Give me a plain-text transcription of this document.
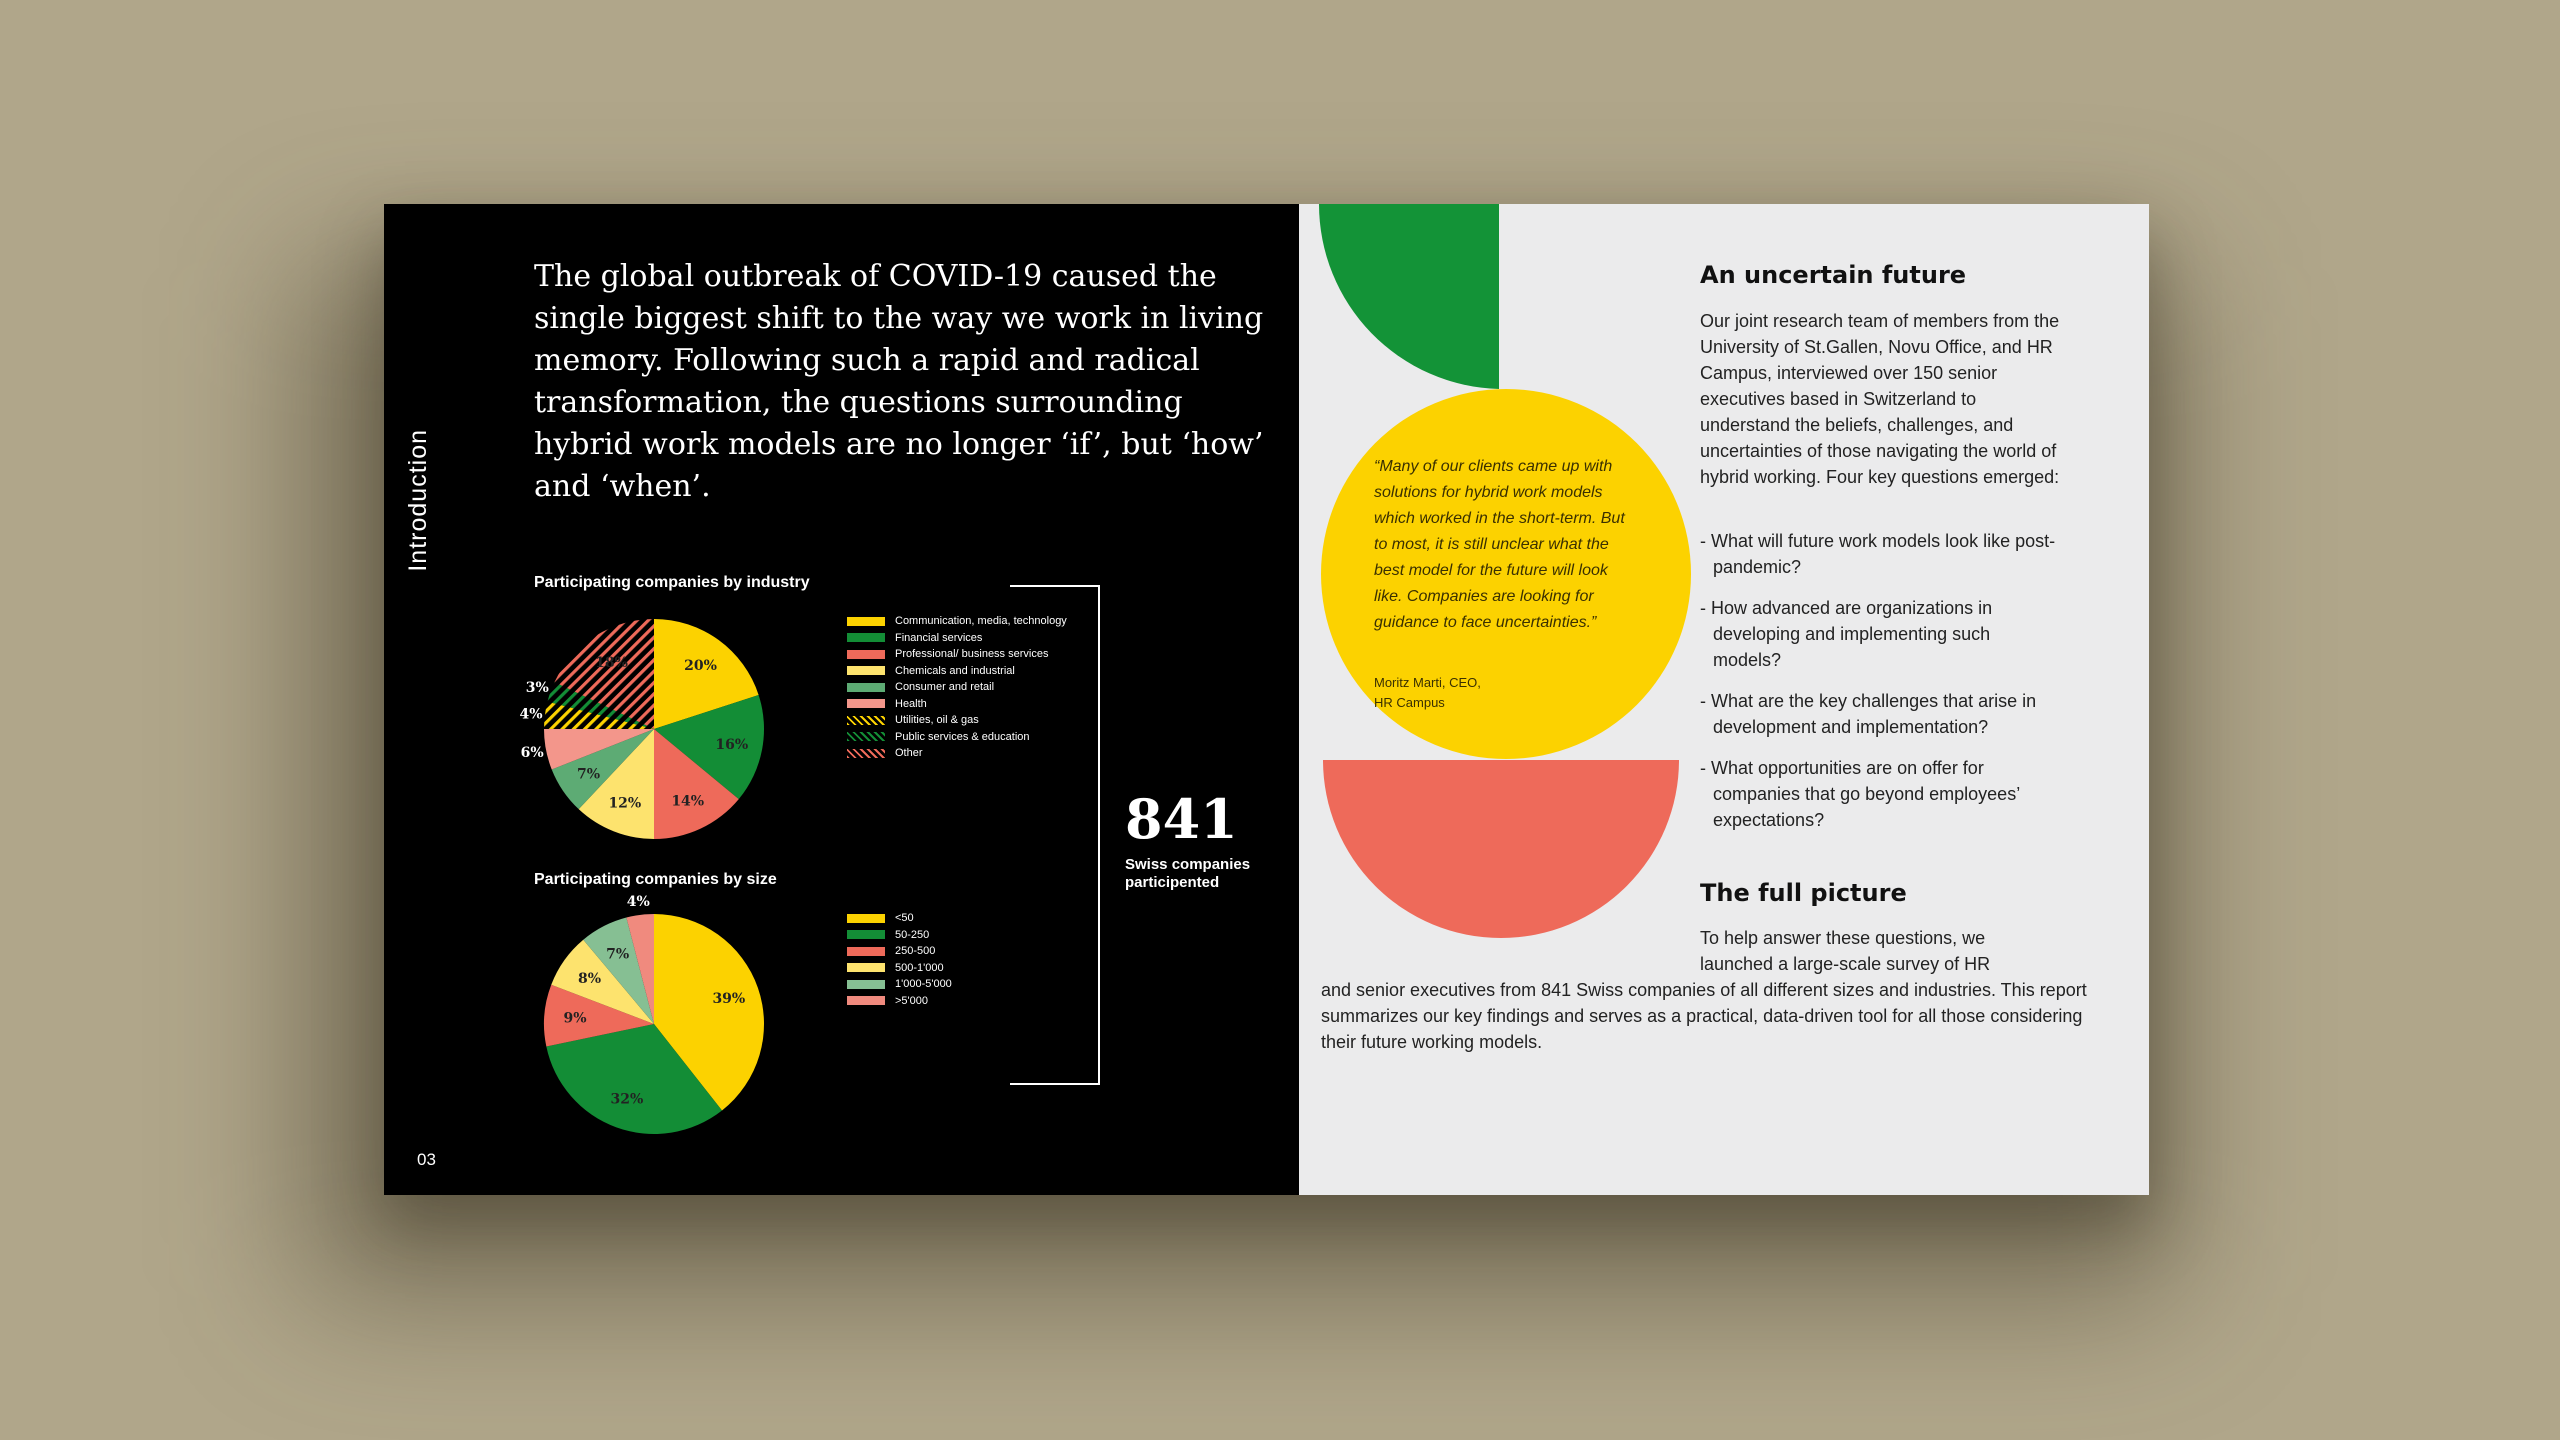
Introduction

The global outbreak of COVID-19 caused the single biggest shift to the way we work in living memory. Following such a rapid and radical transformation, the questions surrounding hybrid work models are no longer ‘if’, but ‘how’ and ‘when’.

Participating companies by industry
20%
16%
14%
12%
7%
6%
4%
3%
18%
Communication, media, technology
Financial services
Professional/ business services
Chemicals and industrial
Consumer and retail
Health
Utilities, oil & gas
Public services & education
Other
Participating companies by size
39%
32%
9%
8%
7%
4%
<50
50-250
250-500
500-1'000
1'000-5'000
>5'000

841

Swiss companies participented

03

“Many of our clients came up with solutions for hybrid work models which worked in the short-term. But to most, it is still unclear what the best model for the future will look like. Companies are looking for guidance to face uncertainties.”

Moritz Marti, CEO,
HR Campus

An uncertain future

Our joint research team of members from the University of St.Gallen, Novu Office, and HR Campus, interviewed over 150 senior executives based in Switzerland to understand the beliefs, challenges, and uncertainties of those navigating the world of hybrid working. Four key questions emerged:

- What will future work models look like post-pandemic?
- How advanced are organizations in developing and implementing such models?
- What are the key challenges that arise in development and implementation?
- What opportunities are on offer for companies that go beyond employees’ expectations?
The full picture

To help answer these questions, we launched a large-scale survey of HR

and senior executives from 841 Swiss companies of all different sizes and industries. This report summarizes our key findings and serves as a practical, data-driven tool for all those considering their future working models.
